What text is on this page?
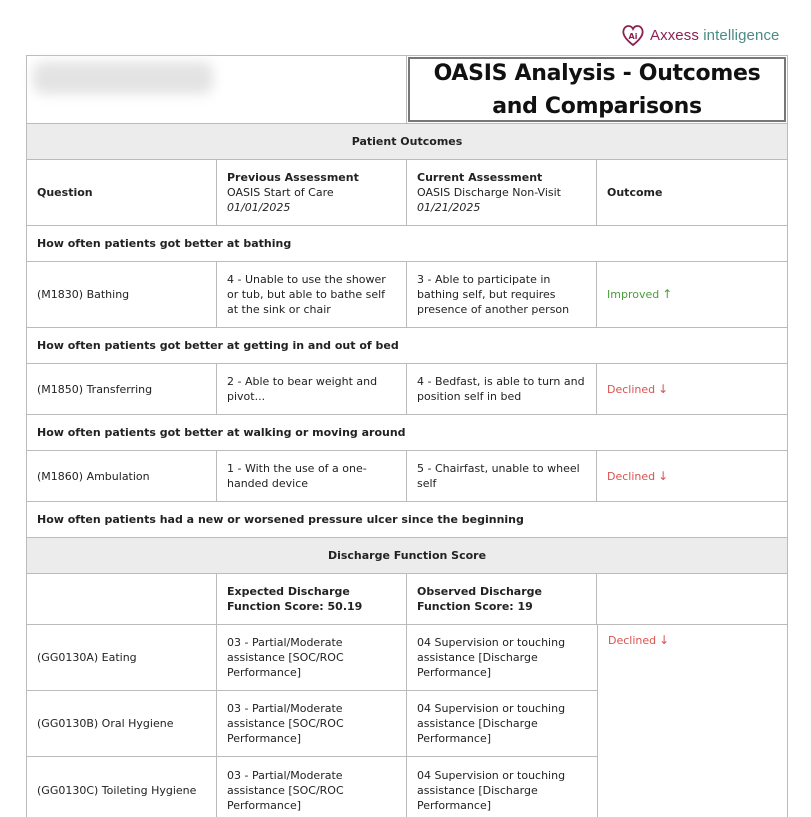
Ai Axxess intelligence
OASIS Analysis - Outcomes and Comparisons
Patient Outcomes
Question
Previous Assessment
OASIS Start of Care 01/01/2025
Current Assessment
OASIS Discharge Non-Visit 01/21/2025
Outcome
How often patients got better at bathing
(M1830) Bathing
4 - Unable to use the shower or tub, but able to bathe self at the sink or chair
3 - Able to participate in bathing self, but requires presence of another person
Improved ↑
How often patients got better at getting in and out of bed
(M1850) Transferring
2 - Able to bear weight and pivot...
4 - Bedfast, is able to turn and position self in bed
Declined ↓
How often patients got better at walking or moving around
(M1860) Ambulation
1 - With the use of a one-handed device
5 - Chairfast, unable to wheel self
Declined ↓
How often patients had a new or worsened pressure ulcer since the beginning
Discharge Function Score
Expected Discharge Function Score: 50.19
Observed Discharge Function Score: 19
(GG0130A) Eating
03 - Partial/Moderate assistance [SOC/ROC Performance]
04 Supervision or touching assistance [Discharge Performance]
(GG0130B) Oral Hygiene
03 - Partial/Moderate assistance [SOC/ROC Performance]
04 Supervision or touching assistance [Discharge Performance]
(GG0130C) Toileting Hygiene
03 - Partial/Moderate assistance [SOC/ROC Performance]
04 Supervision or touching assistance [Discharge Performance]
Declined ↓
